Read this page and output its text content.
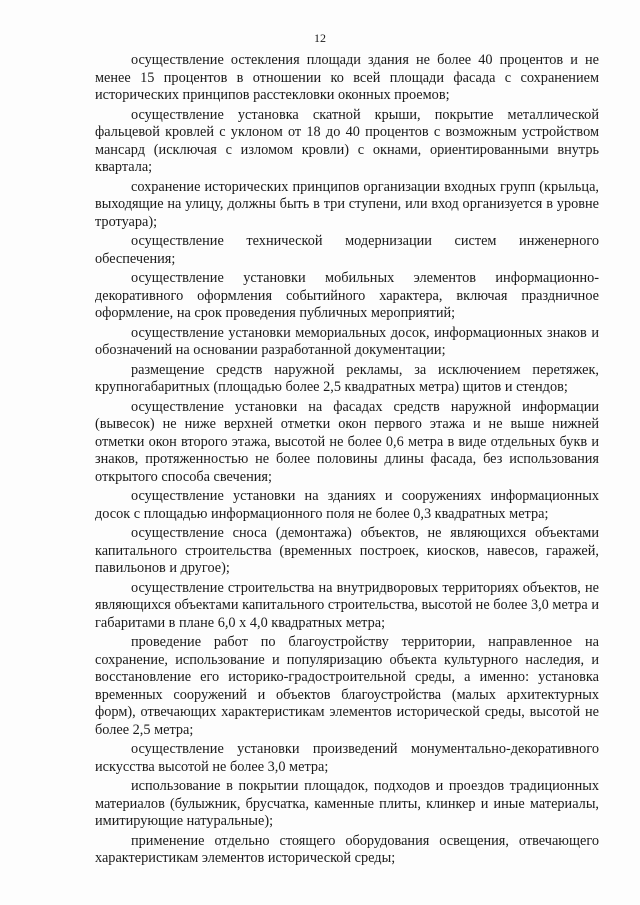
12

осуществление остекления площади здания не более 40 процентов и не менее 15 процентов в отношении ко всей площади фасада с сохранением исторических принципов расстекловки оконных проемов;

осуществление установка скатной крыши, покрытие металлической фальцевой кровлей с уклоном от 18 до 40 процентов с возможным устройством мансард (исключая с изломом кровли) с окнами, ориентированными внутрь квартала;

сохранение исторических принципов организации входных групп (крыльца, выходящие на улицу, должны быть в три ступени, или вход организуется в уровне тротуара);

осуществление технической модернизации систем инженерного обеспечения;

осуществление установки мобильных элементов информационно-декоративного оформления событийного характера, включая праздничное оформление, на срок проведения публичных мероприятий;

осуществление установки мемориальных досок, информационных знаков и обозначений на основании разработанной документации;

размещение средств наружной рекламы, за исключением перетяжек, крупногабаритных (площадью более 2,5 квадратных метра) щитов и стендов;

осуществление установки на фасадах средств наружной информации (вывесок) не ниже верхней отметки окон первого этажа и не выше нижней отметки окон второго этажа, высотой не более 0,6 метра в виде отдельных букв и знаков, протяженностью не более половины длины фасада, без использования открытого способа свечения;

осуществление установки на зданиях и сооружениях информационных досок с площадью информационного поля не более 0,3 квадратных метра;

осуществление сноса (демонтажа) объектов, не являющихся объектами капитального строительства (временных построек, киосков, навесов, гаражей, павильонов и другое);

осуществление строительства на внутридворовых территориях объектов, не являющихся объектами капитального строительства, высотой не более 3,0 метра и габаритами в плане 6,0 х 4,0 квадратных метра;

проведение работ по благоустройству территории, направленное на сохранение, использование и популяризацию объекта культурного наследия, и восстановление его историко-градостроительной среды, а именно: установка временных сооружений и объектов благоустройства (малых архитектурных форм), отвечающих характеристикам элементов исторической среды, высотой не более 2,5 метра;

осуществление установки произведений монументально-декоративного искусства высотой не более 3,0 метра;

использование в покрытии площадок, подходов и проездов традиционных материалов (булыжник, брусчатка, каменные плиты, клинкер и иные материалы, имитирующие натуральные);

применение отдельно стоящего оборудования освещения, отвечающего характеристикам элементов исторической среды;
